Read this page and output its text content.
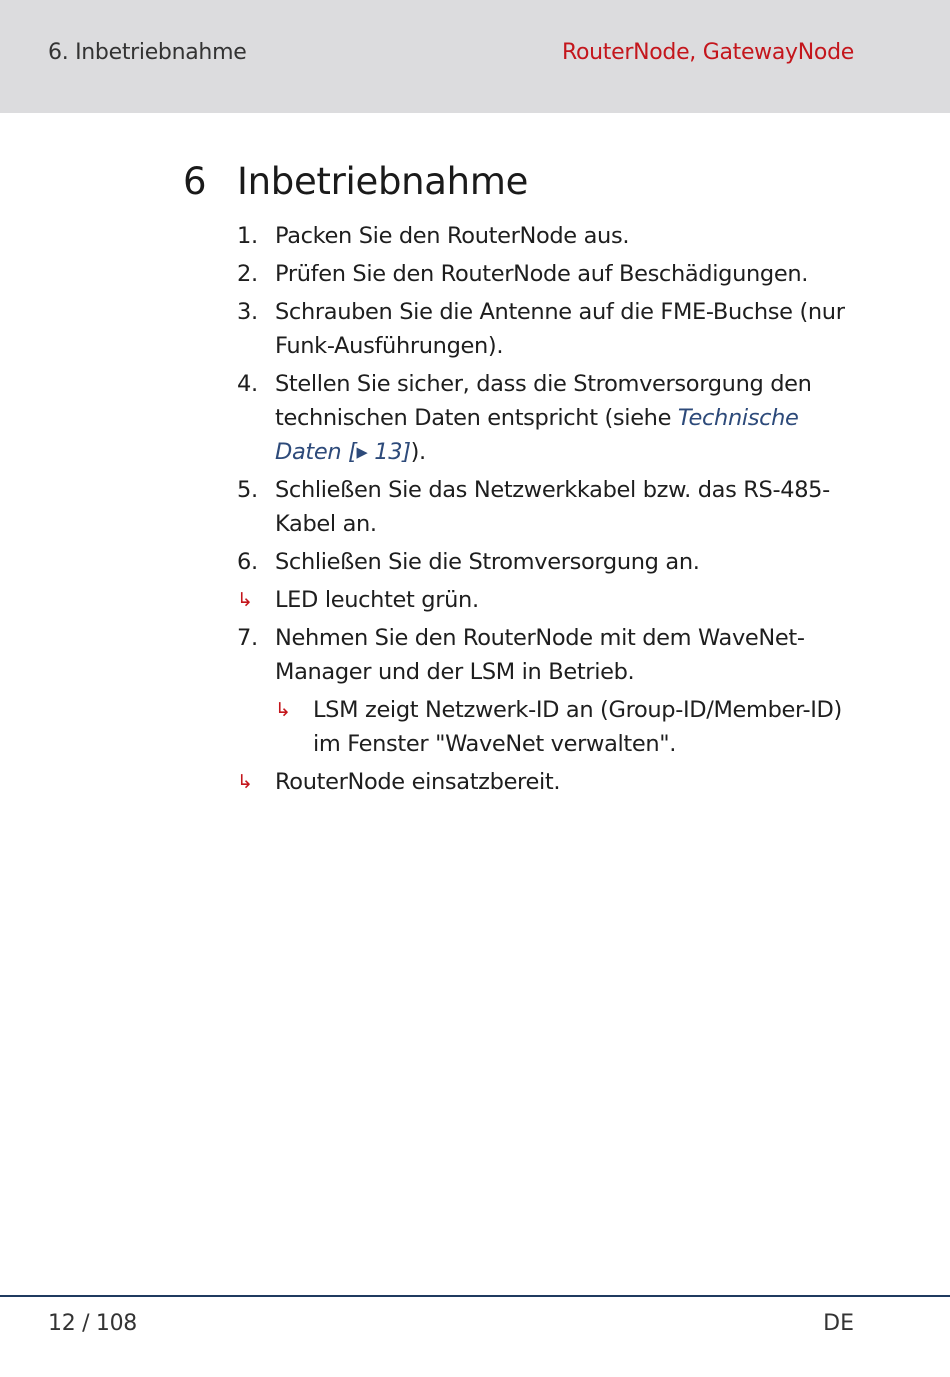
6. Inbetriebnahme	RouterNode, GatewayNode
6 Inbetriebnahme
1. Packen Sie den RouterNode aus.
2. Prüfen Sie den RouterNode auf Beschädigungen.
3. Schrauben Sie die Antenne auf die FME-Buchse (nur Funk-Ausführungen).
4. Stellen Sie sicher, dass die Stromversorgung den technischen Daten entspricht (siehe Technische Daten [▸ 13]).
5. Schließen Sie das Netzwerkkabel bzw. das RS-485-Kabel an.
6. Schließen Sie die Stromversorgung an.
↳ LED leuchtet grün.
7. Nehmen Sie den RouterNode mit dem WaveNet-Manager und der LSM in Betrieb.
↳ LSM zeigt Netzwerk-ID an (Group-ID/Member-ID) im Fenster "WaveNet verwalten".
↳ RouterNode einsatzbereit.
12 / 108	DE
